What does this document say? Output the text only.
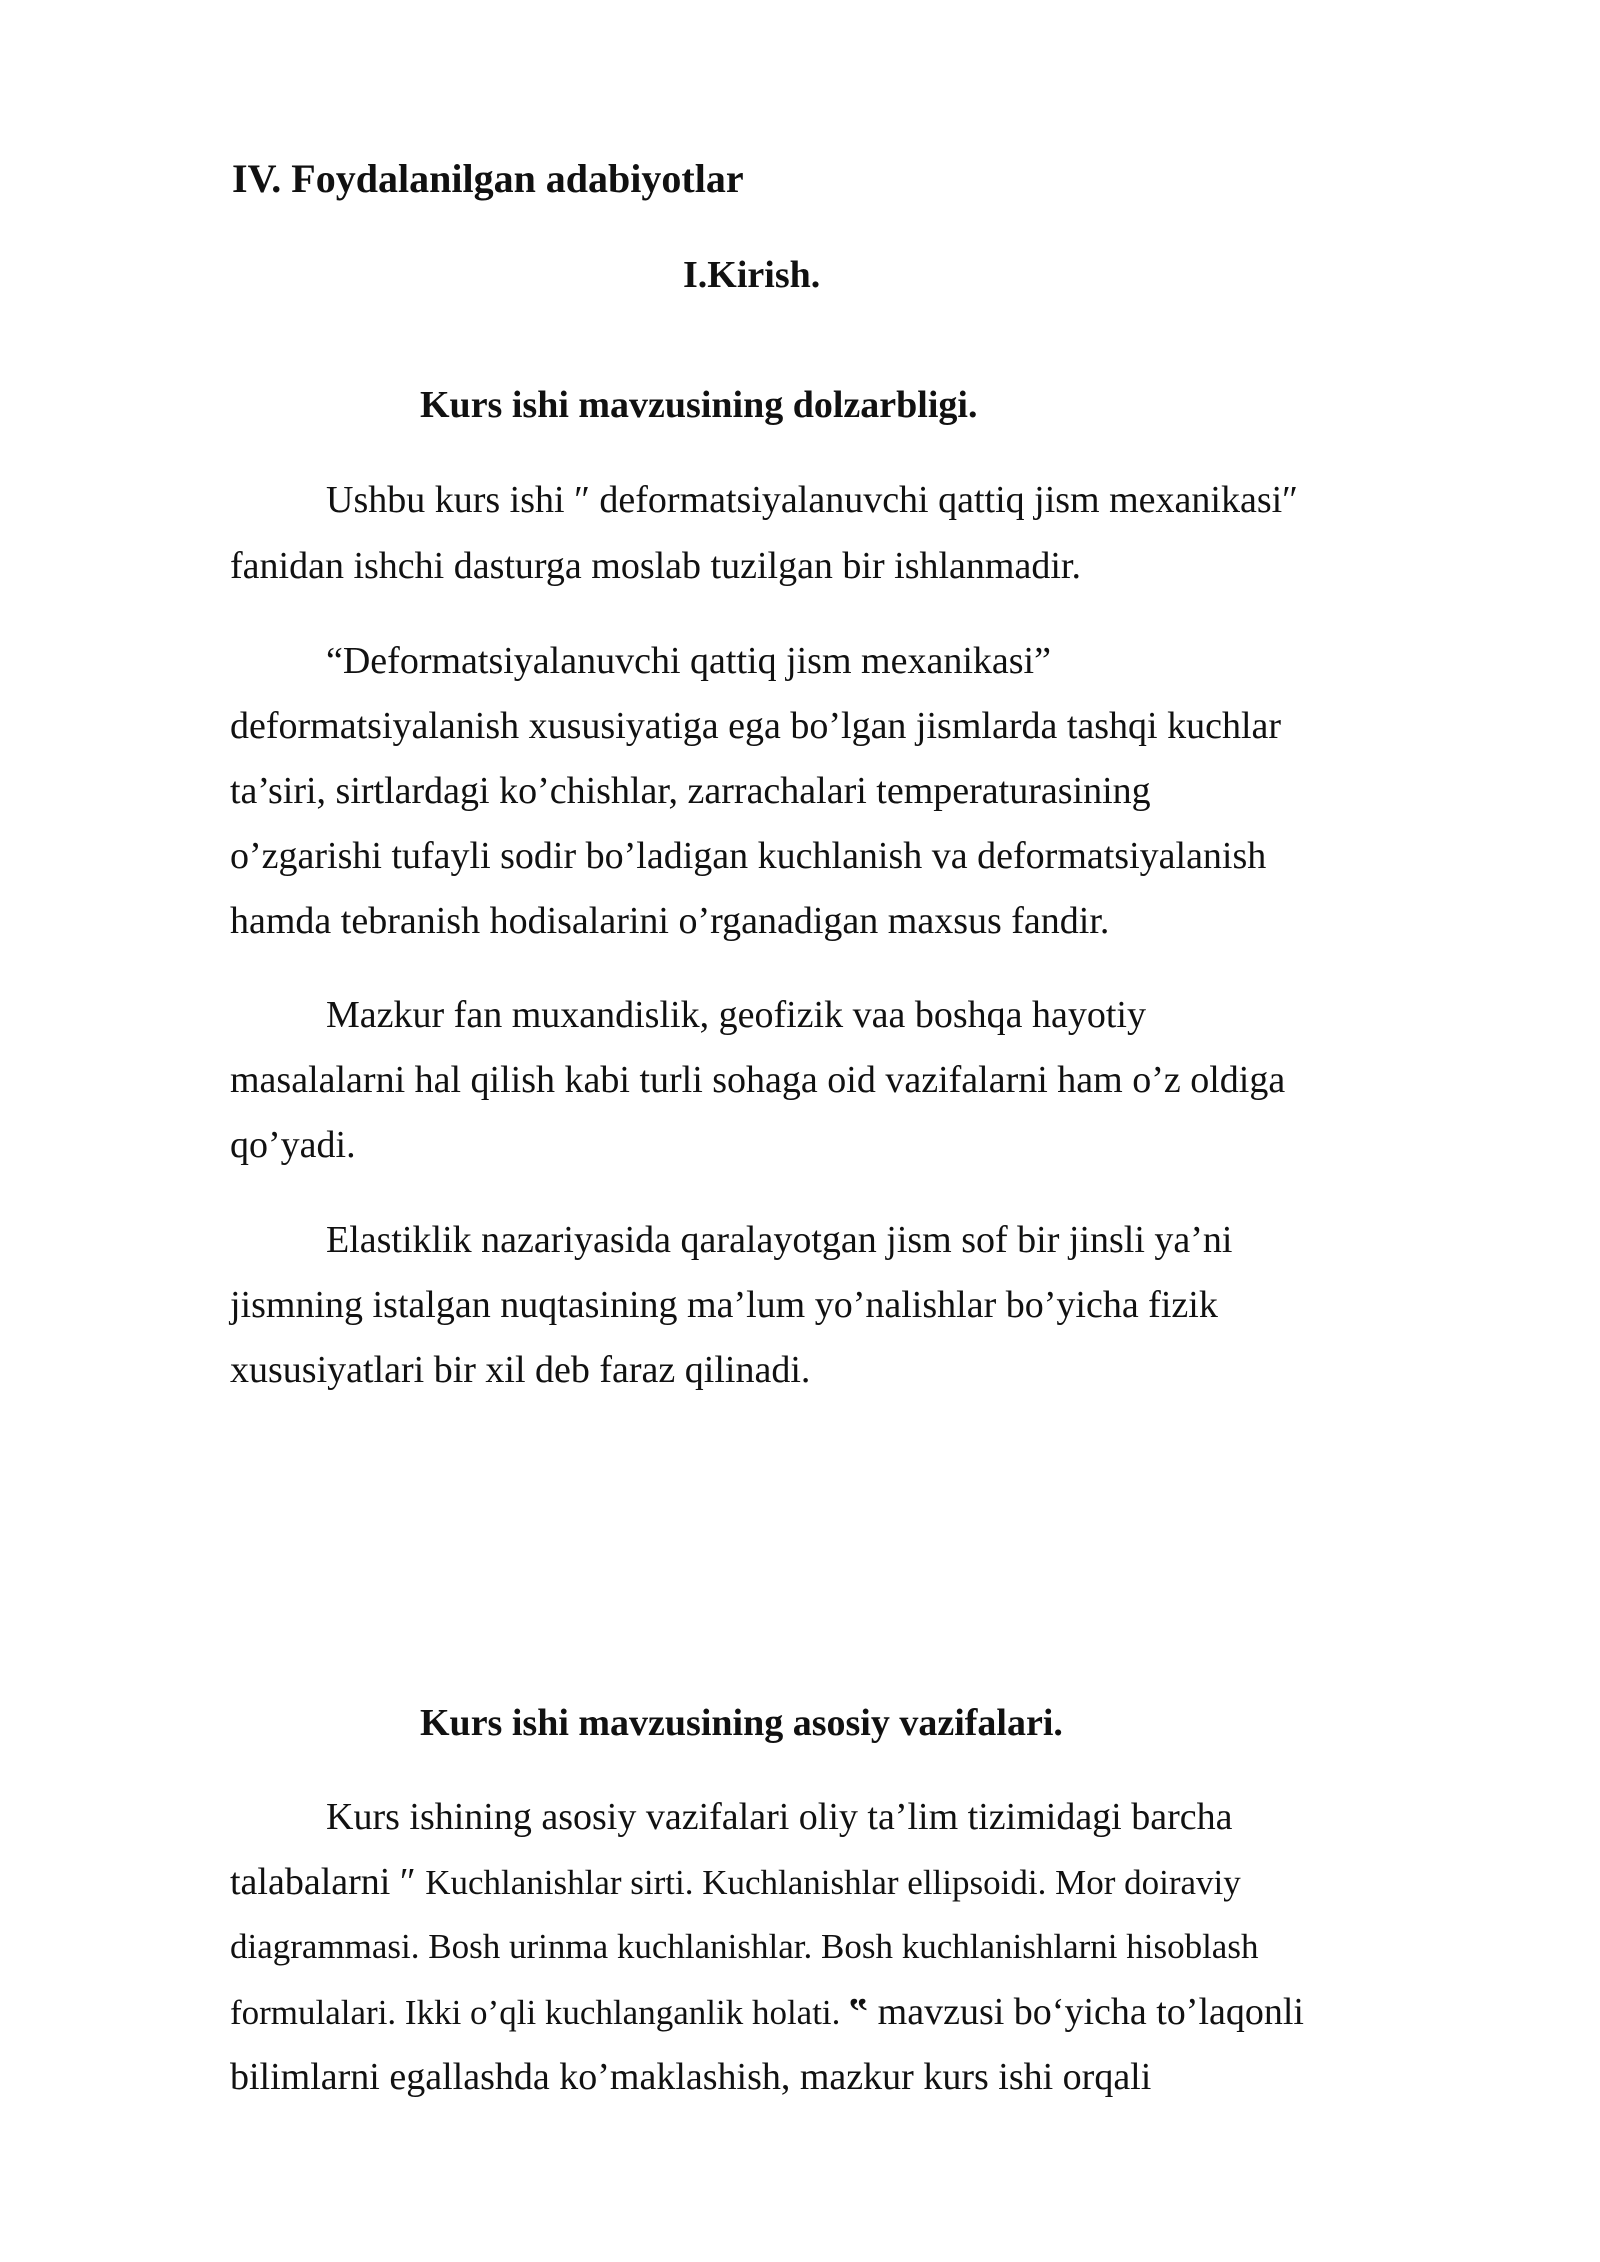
IV. Foydalanilgan adabiyotlar
I.Kirish.
Kurs ishi mavzusining dolzarbligi.
Ushbu kurs ishi ″ deformatsiyalanuvchi qattiq jism mexanikasi″
fanidan ishchi dasturga moslab tuzilgan bir ishlanmadir.
“Deformatsiyalanuvchi qattiq jism mexanikasi”
deformatsiyalanish xususiyatiga ega bo’lgan jismlarda tashqi kuchlar
ta’siri, sirtlardagi ko’chishlar, zarrachalari temperaturasining
o’zgarishi tufayli sodir bo’ladigan kuchlanish va deformatsiyalanish
hamda tebranish hodisalarini o’rganadigan maxsus fandir.
Mazkur fan muxandislik, geofizik vaa boshqa hayotiy
masalalarni hal qilish kabi turli sohaga oid vazifalarni ham o’z oldiga
qo’yadi.
Elastiklik nazariyasida qaralayotgan jism sof bir jinsli ya’ni
jismning istalgan nuqtasining ma’lum yo’nalishlar bo’yicha fizik
xususiyatlari bir xil deb faraz qilinadi.
Kurs ishi mavzusining asosiy vazifalari.
Kurs ishining asosiy vazifalari oliy ta’lim tizimidagi barcha
talabalarni ″ Kuchlanishlar sirti. Kuchlanishlar ellipsoidi. Mor doiraviy
diagrammasi. Bosh urinma kuchlanishlar. Bosh kuchlanishlarni hisoblash
formulalari. Ikki o’qli kuchlanganlik holati. ‟ mavzusi bo‘yicha to’laqonli
bilimlarni egallashda ko’maklashish, mazkur kurs ishi orqali
